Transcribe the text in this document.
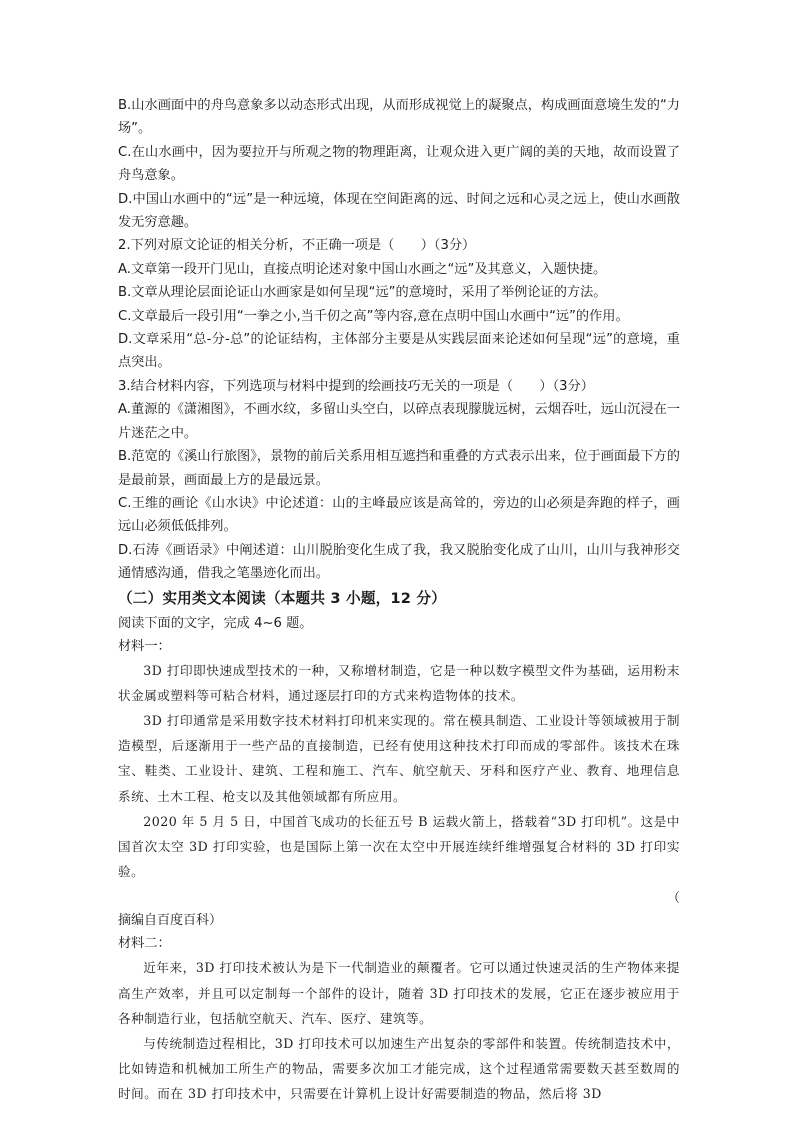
B.山水画面中的舟鸟意象多以动态形式出现，从而形成视觉上的凝聚点，构成画面意境生发的“力场”。

C.在山水画中，因为要拉开与所观之物的物理距离，让观众进入更广阔的美的天地，故而设置了舟鸟意象。

D.中国山水画中的“远”是一种远境，体现在空间距离的远、时间之远和心灵之远上，使山水画散发无穷意趣。

2.下列对原文论证的相关分析，不正确一项是（　　）（3分）

A.文章第一段开门见山，直接点明论述对象中国山水画之“远”及其意义，入题快捷。

B.文章从理论层面论证山水画家是如何呈现“远”的意境时，采用了举例论证的方法。

C.文章最后一段引用“一拳之小,当千仞之高”等内容,意在点明中国山水画中“远”的作用。

D.文章采用“总-分-总”的论证结构，主体部分主要是从实践层面来论述如何呈现“远”的意境，重点突出。

3.结合材料内容，下列选项与材料中提到的绘画技巧无关的一项是（　　）（3分）

A.董源的《潇湘图》，不画水纹，多留山头空白，以碎点表现朦胧远树，云烟吞吐，远山沉浸在一片迷茫之中。

B.范宽的《溪山行旅图》，景物的前后关系用相互遮挡和重叠的方式表示出来，位于画面最下方的是最前景，画面最上方的是最远景。

C.王维的画论《山水诀》中论述道：山的主峰最应该是高耸的，旁边的山必须是奔跑的样子，画远山必须低低排列。

D.石涛《画语录》中阐述道：山川脱胎变化生成了我，我又脱胎变化成了山川，山川与我神形交通情感沟通，借我之笔墨迹化而出。

（二）实用类文本阅读（本题共 3 小题，12 分）

阅读下面的文字，完成 4~6 题。

材料一：

3D 打印即快速成型技术的一种，又称增材制造，它是一种以数字模型文件为基础，运用粉末状金属或塑料等可粘合材料，通过逐层打印的方式来构造物体的技术。

3D 打印通常是采用数字技术材料打印机来实现的。常在模具制造、工业设计等领域被用于制造模型，后逐渐用于一些产品的直接制造，已经有使用这种技术打印而成的零部件。该技术在珠宝、鞋类、工业设计、建筑、工程和施工、汽车、航空航天、牙科和医疗产业、教育、地理信息系统、土木工程、枪支以及其他领域都有所应用。

2020 年 5 月 5 日，中国首飞成功的长征五号 B 运载火箭上，搭载着“3D 打印机”。这是中国首次太空 3D 打印实验，也是国际上第一次在太空中开展连续纤维增强复合材料的 3D 打印实验。

（

摘编自百度百科）

材料二：

近年来，3D 打印技术被认为是下一代制造业的颠覆者。它可以通过快速灵活的生产物体来提高生产效率，并且可以定制每一个部件的设计，随着 3D 打印技术的发展，它正在逐步被应用于各种制造行业，包括航空航天、汽车、医疗、建筑等。

与传统制造过程相比，3D 打印技术可以加速生产出复杂的零部件和装置。传统制造技术中，比如铸造和机械加工所生产的物品，需要多次加工才能完成，这个过程通常需要数天甚至数周的时间。而在 3D 打印技术中，只需要在计算机上设计好需要制造的物品，然后将 3D
